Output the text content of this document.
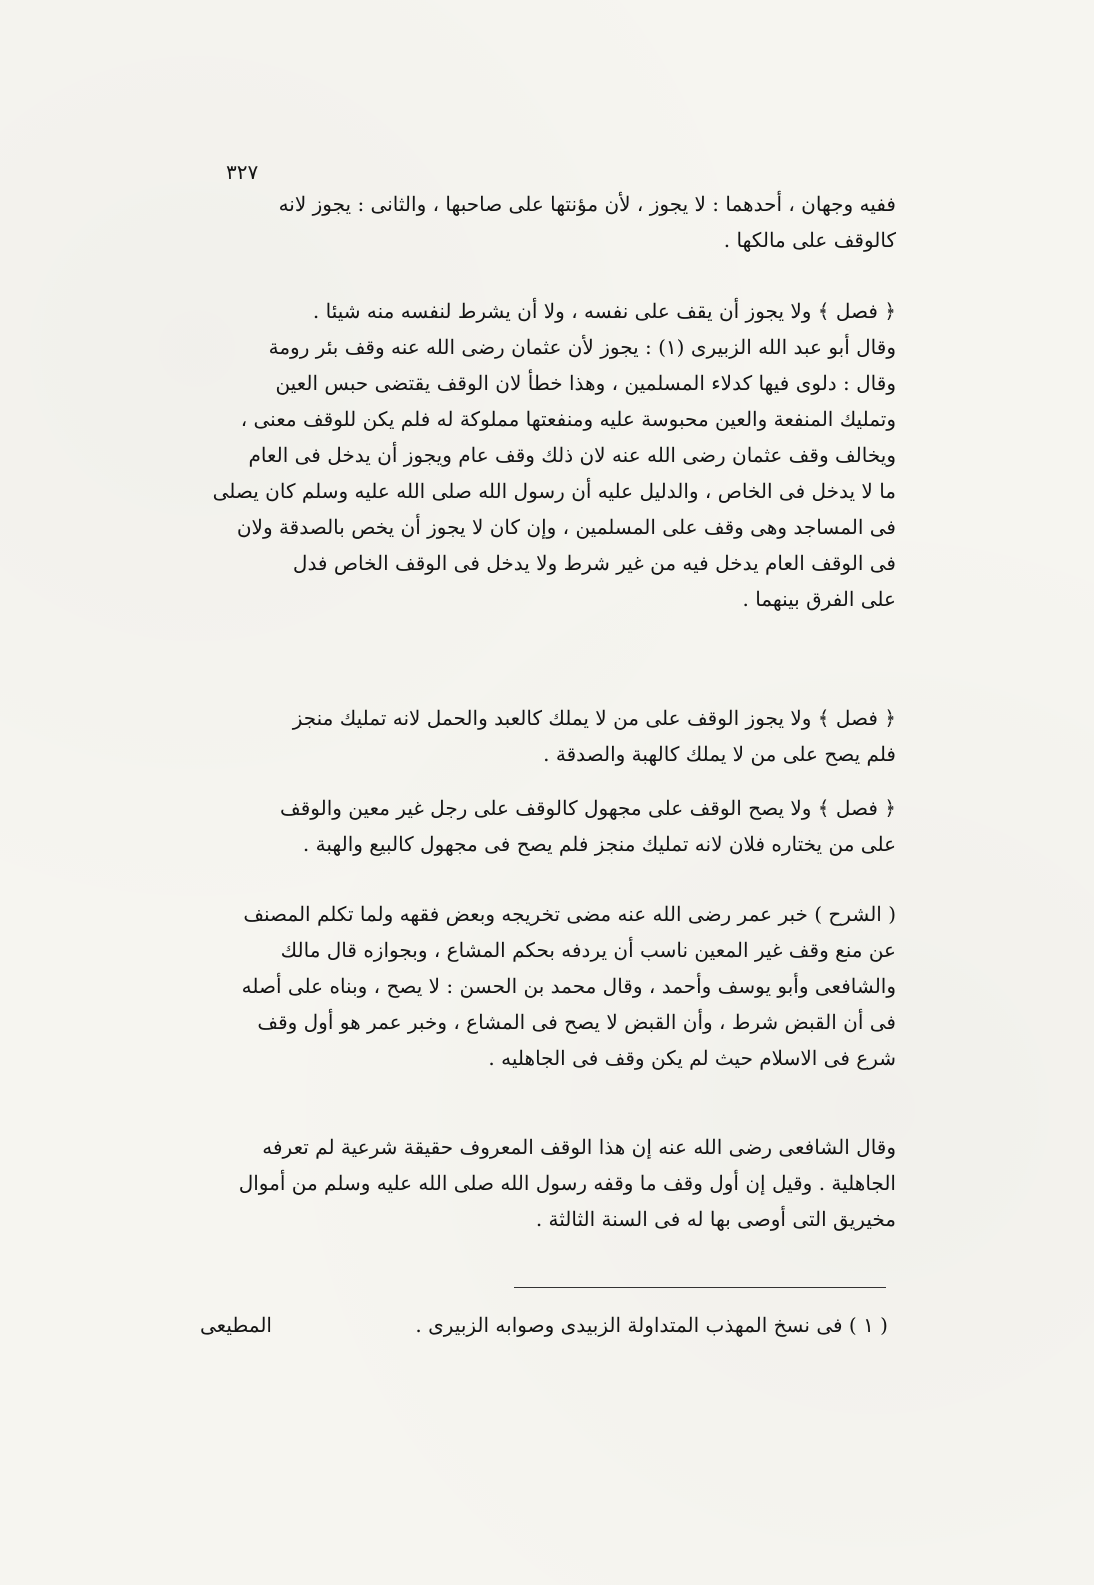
٣٢٧
ففيه وجهان ، أحدهما : لا يجوز ، لأن مؤنتها على صاحبها ، والثانى : يجوز لانه
كالوقف على مالكها .
﴿ فصل ﴾ ولا يجوز أن يقف على نفسه ، ولا أن يشرط لنفسه منه شيئا .
وقال أبو عبد الله الزبيرى (١) : يجوز لأن عثمان رضى الله عنه وقف بئر رومة
وقال : دلوى فيها كدلاء المسلمين ، وهذا خطأ لان الوقف يقتضى حبس العين
وتمليك المنفعة والعين محبوسة عليه ومنفعتها مملوكة له فلم يكن للوقف معنى ،
ويخالف وقف عثمان رضى الله عنه لان ذلك وقف عام ويجوز أن يدخل فى العام
ما لا يدخل فى الخاص ، والدليل عليه أن رسول الله صلى الله عليه وسلم كان يصلى
فى المساجد وهى وقف على المسلمين ، وإن كان لا يجوز أن يخص بالصدقة ولان
فى الوقف العام يدخل فيه من غير شرط ولا يدخل فى الوقف الخاص فدل
على الفرق بينهما .
﴿ فصل ﴾ ولا يجوز الوقف على من لا يملك كالعبد والحمل لانه تمليك منجز
فلم يصح على من لا يملك كالهبة والصدقة .
﴿ فصل ﴾ ولا يصح الوقف على مجهول كالوقف على رجل غير معين والوقف
على من يختاره فلان لانه تمليك منجز فلم يصح فى مجهول كالبيع والهبة .
( الشرح ) خبر عمر رضى الله عنه مضى تخريجه وبعض فقهه ولما تكلم المصنف
عن منع وقف غير المعين ناسب أن يردفه بحكم المشاع ، وبجوازه قال مالك
والشافعى وأبو يوسف وأحمد ، وقال محمد بن الحسن : لا يصح ، وبناه على أصله
فى أن القبض شرط ، وأن القبض لا يصح فى المشاع ، وخبر عمر هو أول وقف
شرع فى الاسلام حيث لم يكن وقف فى الجاهليه .
وقال الشافعى رضى الله عنه إن هذا الوقف المعروف حقيقة شرعية لم تعرفه
الجاهلية . وقيل إن أول وقف ما وقفه رسول الله صلى الله عليه وسلم من أموال
مخيريق التى أوصى بها له فى السنة الثالثة .
( ١ ) فى نسخ المهذب المتداولة الزبيدى وصوابه الزبيرى .
المطيعى
